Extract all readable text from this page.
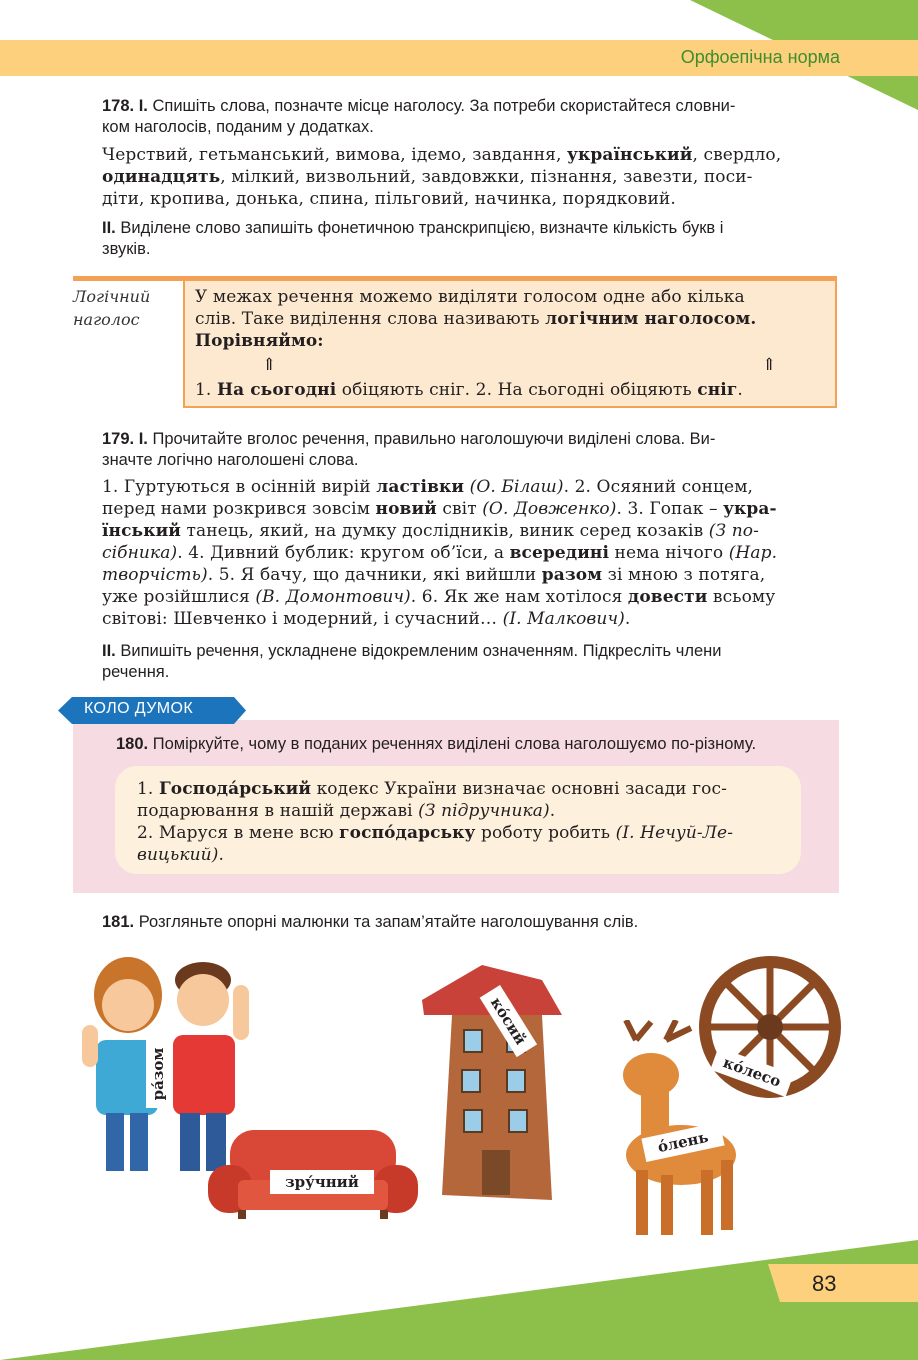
Орфоепічна норма

178. І. Спишіть слова, позначте місце наголосу. За потреби скористайтеся словни-

ком наголосів, поданим у додатках.

Черствий, гетьманський, вимова, ідемо, завдання, український, свердло,

одинадцять, мілкий, визвольний, завдовжки, пізнання, завезти, поси-

діти, кропива, донька, спина, пільговий, начинка, порядковий.

ІІ. Виділене слово запишіть фонетичною транскрипцією, визначте кількість букв і

звуків.

Логічний

наголос

У межах речення можемо виділяти голосом одне або кілька

слів. Таке виділення слова називають логічним наголосом.

Порівняймо:

⇑	⇑

1. На сьогодні обіцяють сніг. 2. На сьогодні обіцяють сніг.

179. І. Прочитайте вголос речення, правильно наголошуючи виділені слова. Ви-

значте логічно наголошені слова.

1. Гуртуються в осінній вирій ластівки (О. Білаш). 2. Осяяний сонцем,

перед нами розкрився зовсім новий світ (О. Довженко). 3. Гопак – укра-

їнський танець, який, на думку дослідників, виник серед козаків (З по-

сібника). 4. Дивний бублик: кругом об’їси, а всередині нема нічого (Нар.

творчість). 5. Я бачу, що дачники, які вийшли разом зі мною з потяга,

уже розійшлися (В. Домонтович). 6. Як же нам хотілося довести всьому

світові: Шевченко і модерний, і сучасний… (І. Малкович).

ІІ. Випишіть речення, ускладнене відокремленим означенням. Підкресліть члени

речення.

КОЛО ДУМОК

180. Поміркуйте, чому в поданих реченнях виділені слова наголошуємо по-різному.

1. Господа́рський кодекс України визначає основні засади гос-

подарювання в нашій державі (З підручника).

2. Маруся в мене всю госпо́дарську роботу робить (І. Нечуй-Ле-

вицький).

181. Розгляньте опорні малюнки та запам’ятайте наголошування слів.

ра́зом
зру́чний
ко́сий
о́лень
ко́лесо
83
